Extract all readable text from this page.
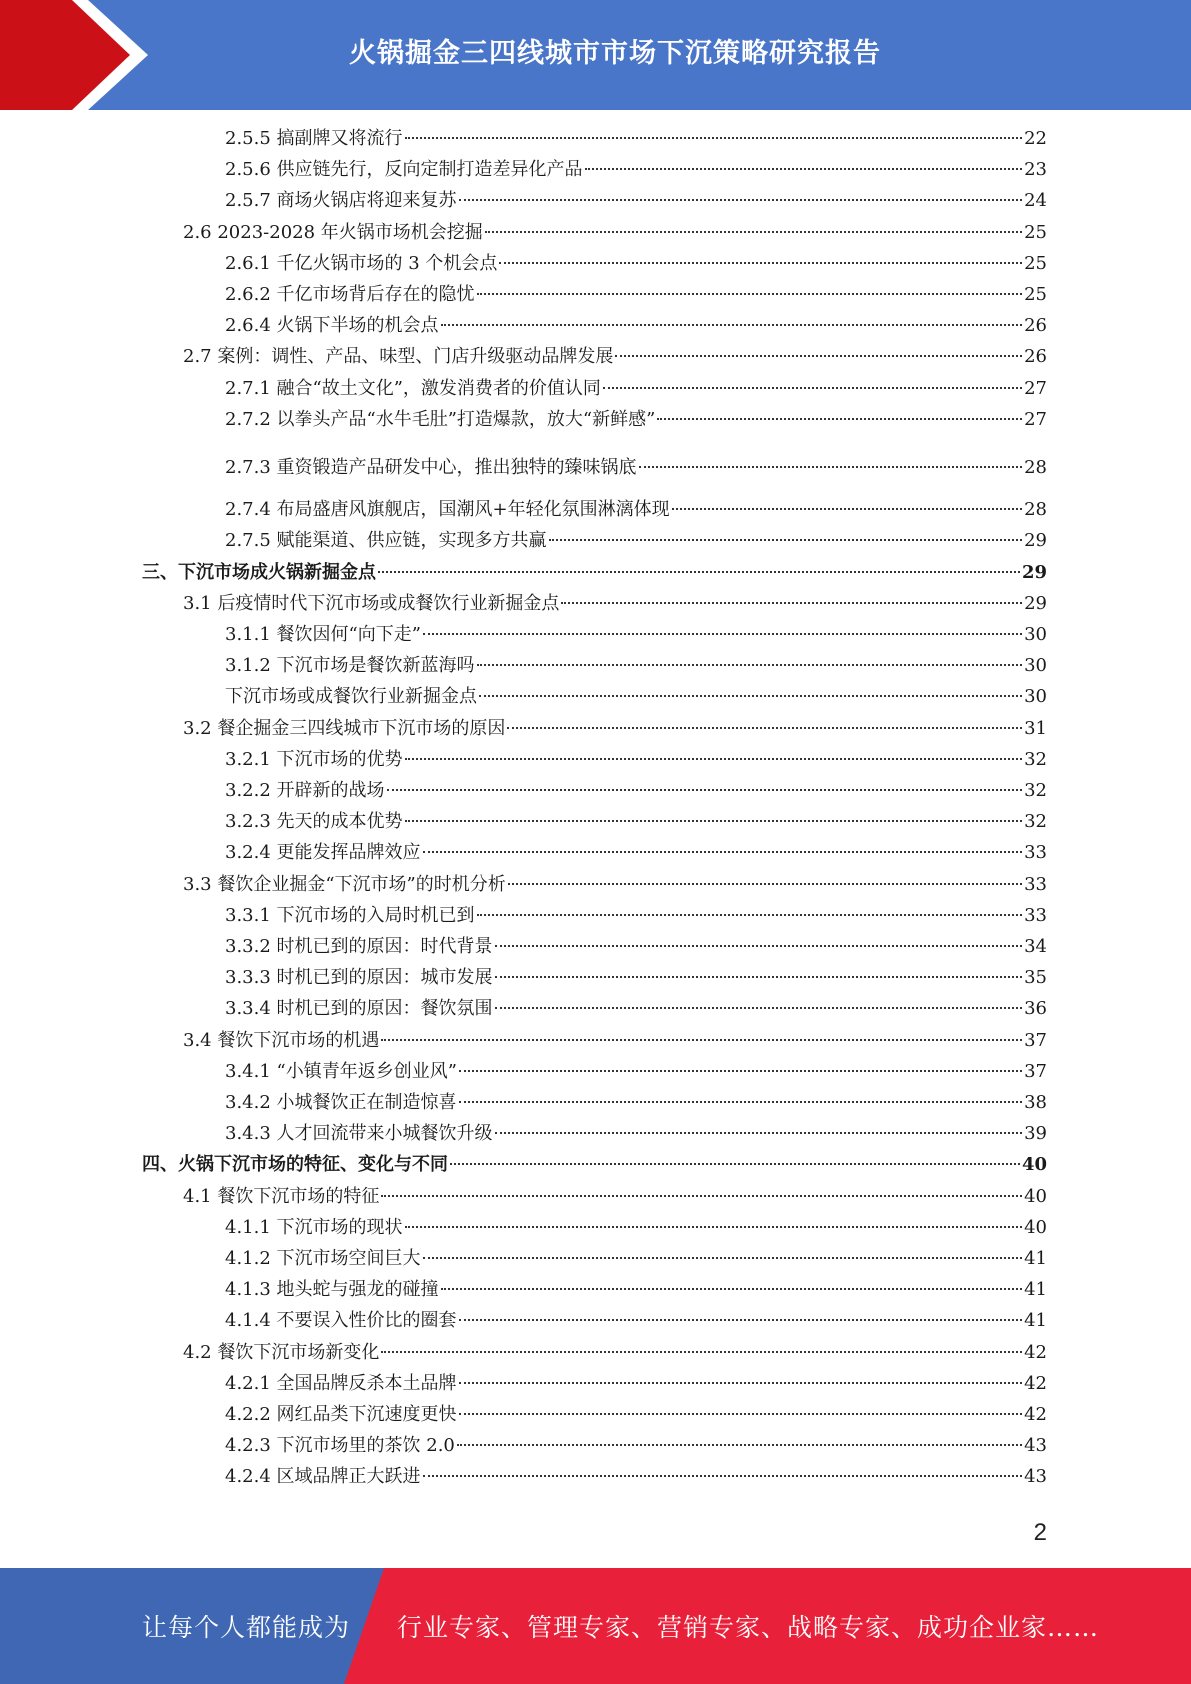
火锅掘金三四线城市市场下沉策略研究报告
2.5.5 搞副牌又将流行	22
2.5.6 供应链先行，反向定制打造差异化产品	23
2.5.7 商场火锅店将迎来复苏	24
2.6 2023-2028 年火锅市场机会挖掘	25
2.6.1 千亿火锅市场的 3 个机会点	25
2.6.2 千亿市场背后存在的隐忧	25
2.6.4 火锅下半场的机会点	26
2.7 案例：调性、产品、味型、门店升级驱动品牌发展	26
2.7.1 融合“故土文化”，激发消费者的价值认同	27
2.7.2 以拳头产品“水牛毛肚”打造爆款，放大“新鲜感”	27
2.7.3 重资锻造产品研发中心，推出独特的臻味锅底	28
2.7.4 布局盛唐风旗舰店，国潮风+年轻化氛围淋漓体现	28
2.7.5 赋能渠道、供应链，实现多方共赢	29
三、下沉市场成火锅新掘金点	29
3.1 后疫情时代下沉市场或成餐饮行业新掘金点	29
3.1.1 餐饮因何“向下走”	30
3.1.2 下沉市场是餐饮新蓝海吗	30
下沉市场或成餐饮行业新掘金点	30
3.2 餐企掘金三四线城市下沉市场的原因	31
3.2.1 下沉市场的优势	32
3.2.2 开辟新的战场	32
3.2.3 先天的成本优势	32
3.2.4 更能发挥品牌效应	33
3.3 餐饮企业掘金“下沉市场”的时机分析	33
3.3.1 下沉市场的入局时机已到	33
3.3.2 时机已到的原因：时代背景	34
3.3.3 时机已到的原因：城市发展	35
3.3.4 时机已到的原因：餐饮氛围	36
3.4 餐饮下沉市场的机遇	37
3.4.1 “小镇青年返乡创业风”	37
3.4.2 小城餐饮正在制造惊喜	38
3.4.3 人才回流带来小城餐饮升级	39
四、火锅下沉市场的特征、变化与不同	40
4.1 餐饮下沉市场的特征	40
4.1.1 下沉市场的现状	40
4.1.2 下沉市场空间巨大	41
4.1.3 地头蛇与强龙的碰撞	41
4.1.4 不要误入性价比的圈套	41
4.2 餐饮下沉市场新变化	42
4.2.1 全国品牌反杀本土品牌	42
4.2.2 网红品类下沉速度更快	42
4.2.3 下沉市场里的茶饮 2.0	43
4.2.4 区域品牌正大跃进	43
2
让每个人都能成为 行业专家、管理专家、营销专家、战略专家、成功企业家……
